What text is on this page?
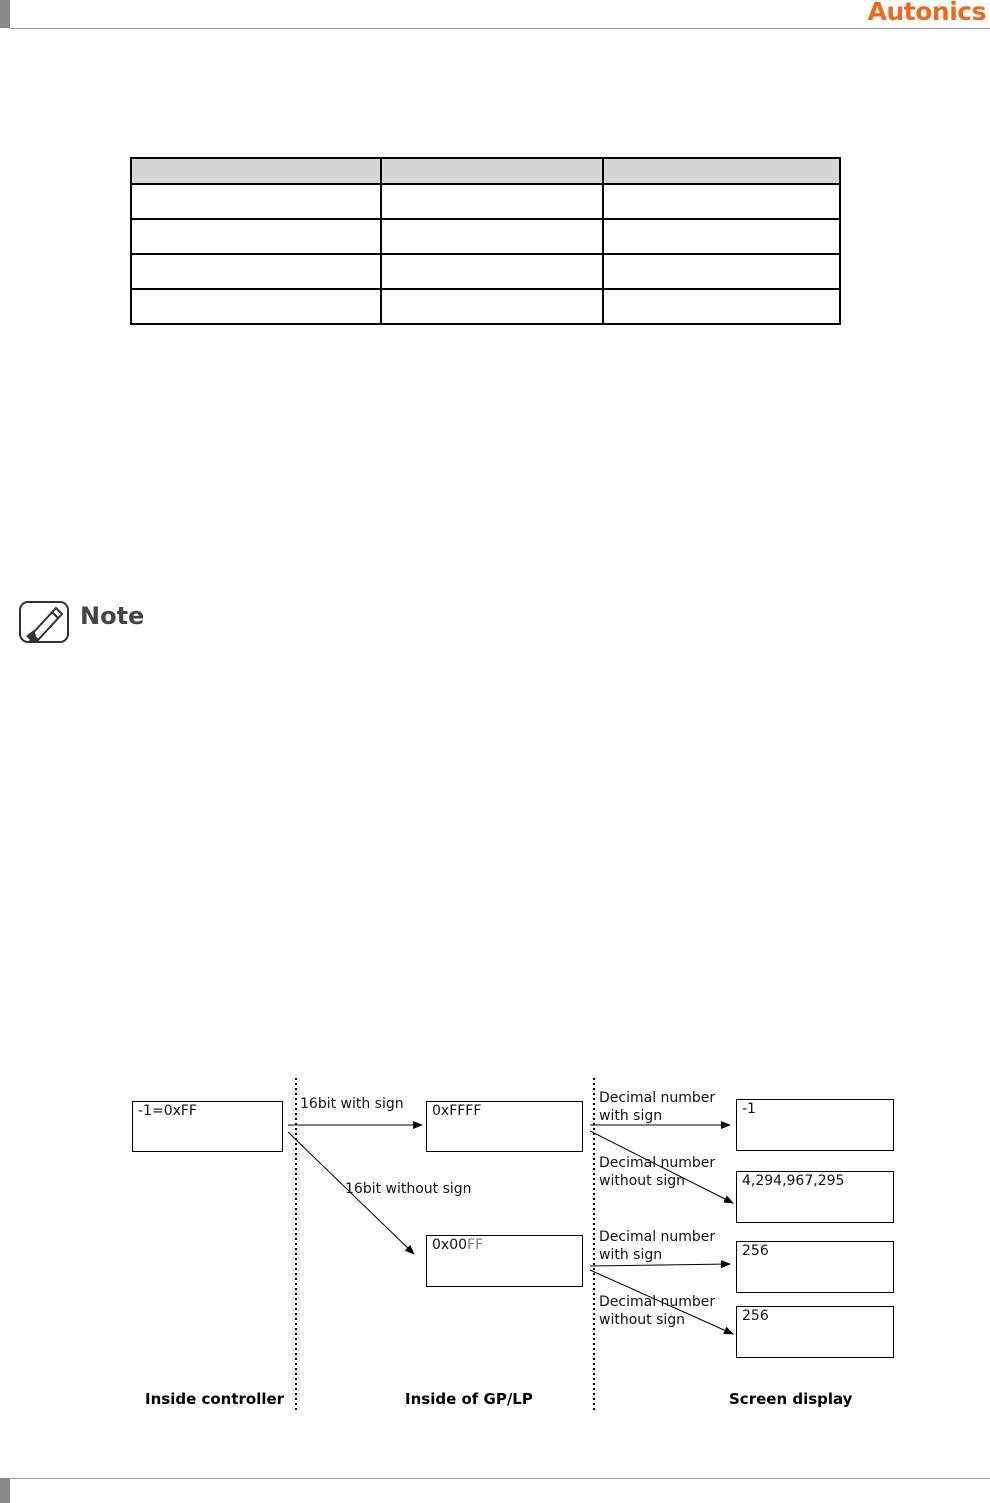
Autonics

Note
-1=0xFF	0xFFFF
0x00FF
-1
4,294,967,295
256
256
16bit with sign
16bit without sign
Decimal number
with sign
Decimal number
without sign
Decimal number
with sign
Decimal number
without sign
Inside controller	Inside of GP/LP	Screen display
